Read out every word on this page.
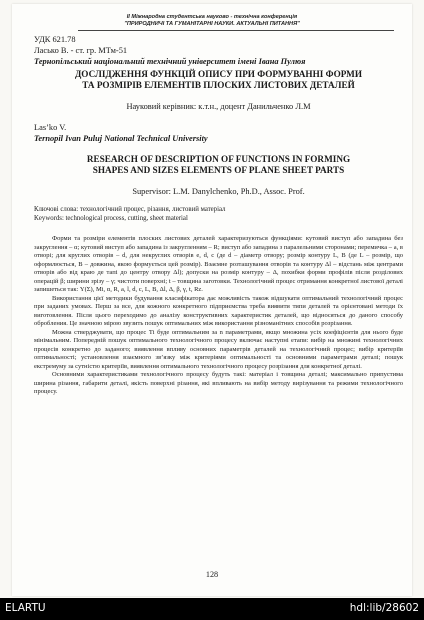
ІІ Міжнародна студентська науково - технічна конференція
"ПРИРОДНИЧІ ТА ГУМАНІТАРНІ НАУКИ. АКТУАЛЬНІ ПИТАННЯ"
УДК 621.78
Ласько В. - ст. гр. МТм-51
Тернопільський національний технічний університет імені Івана Пулюя
ДОСЛІДЖЕННЯ ФУНКЦІЙ ОПИСУ ПРИ ФОРМУВАННІ ФОРМИ
ТА РОЗМІРІВ ЕЛЕМЕНТІВ ПЛОСКИХ ЛИСТОВИХ ДЕТАЛЕЙ
Науковий керівник: к.т.н., доцент Данильченко Л.М
Las’ko V.
Ternopil Ivan Puluj National Technical University
RESEARCH OF DESCRIPTION OF FUNCTIONS IN FORMING
SHAPES AND SIZES ELEMENTS OF PLANE SHEET PARTS
Supervisor: L.M. Danylchenko, Ph.D., Assoc. Prof.
Ключові слова: технологічний процес, різання, листовий матеріал
Keywords: technological process, cutting, sheet material

Форми та розміри елементів плоских листових деталей характеризуються функціями: кутовий виступ або западина без закруглення – α; кутовий виступ або западина із закругленням – R; виступ або западина з паралельними сторонами; перемичка – а, в отворі; для круглих отворів – d, для некруглих отворів е, d, с (де d – діаметр отвору; розмір контуру L, B (де L – розмір, що оформлюється, B – довжина, якою формується цей розмір). Взаємне розташування отворів та контуру Δl – відстань між центрами отворів або від краю де тапі до центру отвору Δl); допуски на розмір контуру – Δ, похибки форми профілів після розділових операцій β; ширини зрізу – γ; чистоти поверхні; t – товщина заготовки. Технологічний процес отримання конкретної листової деталі запишеться так: Y(Ʃ), Mi, α, R, a, l, d, c, L, B, Δl, Δ, β, γ, t, Rz.

Використання цієї методики будування класифікатора дає можливість також відшукати оптимальний технологічний процес при заданих умовах. Перш за все, для кожного конкретного підприємства треба виявити типи деталей та орієнтовані методи їх виготовлення. Після цього переходимо до аналізу конструктивних характеристик деталей, що відносяться до даного способу обробления. Це значною мірою звузить пошук оптимальних між використання різноманітних способів розрізання.

Можна стверджувати, що процес Ті буде оптимальним за n параметрами, якщо множина усіх коефіцієнтів для нього буде мінімальним. Попередній пошук оптимального технологічного процесу включає наступні етапи: вибір на множині технологічних процесів конкретно до заданого; виявлення впливу основних параметрів деталей на технологічний процес; вибір критеріїв оптимальності; установлення взаємного зв’язку між критеріями оптимальності та основними параметрами деталі; пошук екстремуму за сутністю критеріїв, виявлення оптимального технологічного процесу розрізання для конкретної деталі.

Основними характеристиками технологічного процесу будуть такі: матеріал і товщина деталі; максимально припустима ширина різання, габарити деталі, якість поверхні різання, які впливають на вибір методу вирізування та режими технологічного процесу.

128
ELARTU	hdl:lib/28602
